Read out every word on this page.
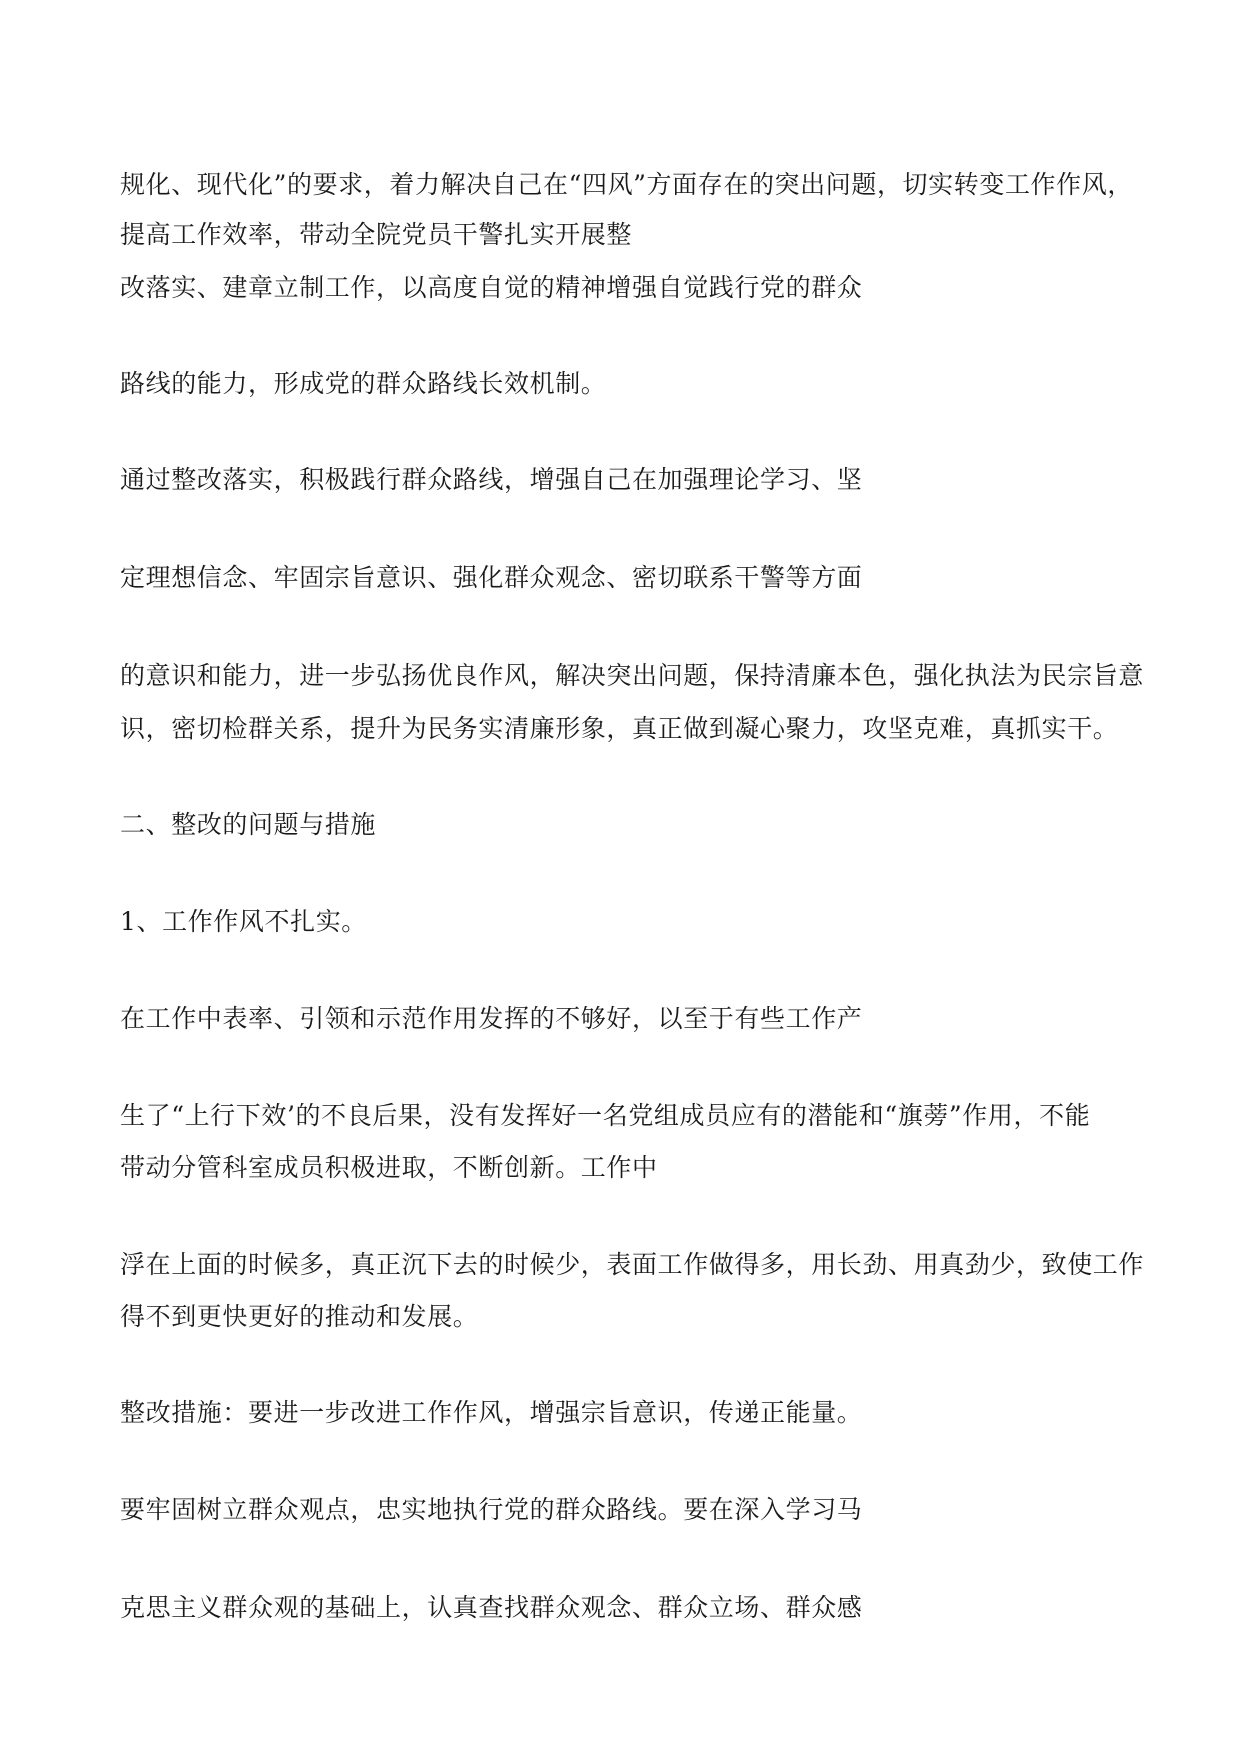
规化、现代化”的要求，着力解决自己在“四风”方面存在的突出问题，切实转变工作作风，

提高工作效率，带动全院党员干警扎实开展整

改落实、建章立制工作，以高度自觉的精神增强自觉践行党的群众

路线的能力，形成党的群众路线长效机制。

通过整改落实，积极践行群众路线，增强自己在加强理论学习、坚

定理想信念、牢固宗旨意识、强化群众观念、密切联系干警等方面

的意识和能力，进一步弘扬优良作风，解决突出问题，保持清廉本色，强化执法为民宗旨意

识，密切检群关系，提升为民务实清廉形象，真正做到凝心聚力，攻坚克难，真抓实干。

二、整改的问题与措施

1、工作作风不扎实。

在工作中表率、引领和示范作用发挥的不够好，以至于有些工作产

生了“上行下效’的不良后果，没有发挥好一名党组成员应有的潜能和“旗蒡”作用，不能

带动分管科室成员积极进取，不断创新。工作中

浮在上面的时候多，真正沉下去的时候少，表面工作做得多，用长劲、用真劲少，致使工作

得不到更快更好的推动和发展。

整改措施：要进一步改进工作作风，增强宗旨意识，传递正能量。

要牢固树立群众观点，忠实地执行党的群众路线。要在深入学习马

克思主义群众观的基础上，认真查找群众观念、群众立场、群众感
